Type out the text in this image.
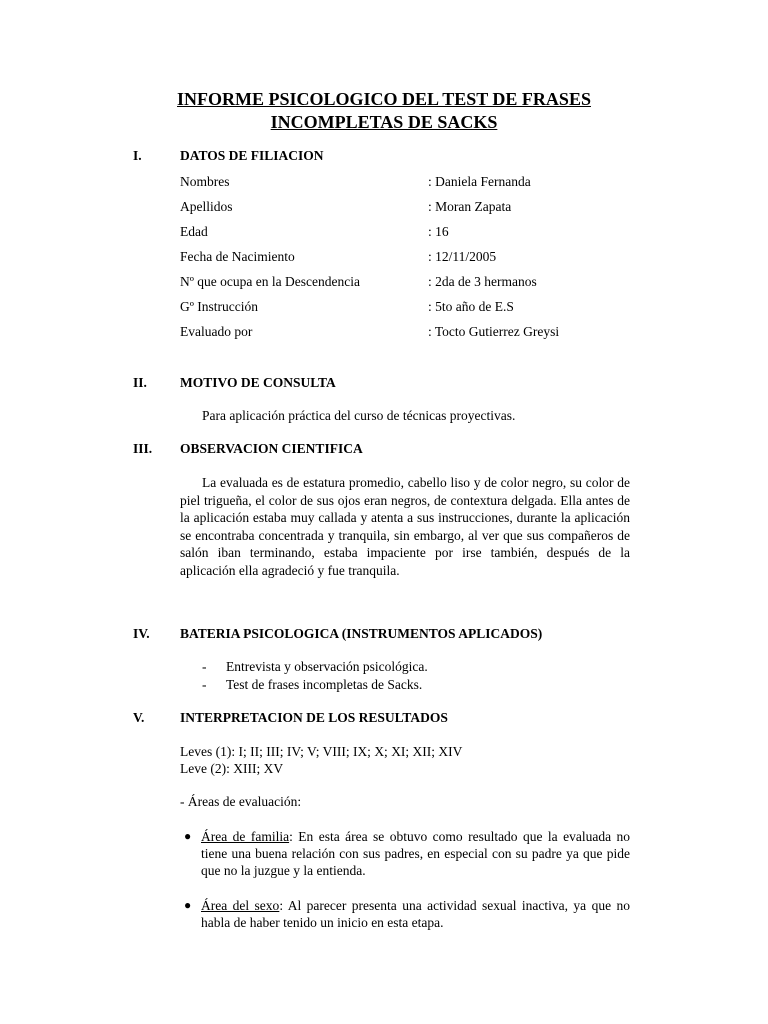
INFORME PSICOLOGICO DEL TEST DE FRASES
INCOMPLETAS DE SACKS
I.	DATOS DE FILIACION
Nombres	: Daniela Fernanda
Apellidos	: Moran Zapata
Edad	: 16
Fecha de Nacimiento	: 12/11/2005
Nº que ocupa en la Descendencia	: 2da de 3 hermanos
Gº Instrucción	: 5to año de E.S
Evaluado por	: Tocto Gutierrez Greysi
II. MOTIVO DE CONSULTA
Para aplicación práctica del curso de técnicas proyectivas.
III. OBSERVACION CIENTIFICA
La evaluada es de estatura promedio, cabello liso y de color negro, su color de piel trigueña, el color de sus ojos eran negros, de contextura delgada. Ella antes de la aplicación estaba muy callada y atenta a sus instrucciones, durante la aplicación se encontraba concentrada y tranquila, sin embargo, al ver que sus compañeros de salón iban terminando, estaba impaciente por irse también, después de la aplicación ella agradeció y fue tranquila.
IV. BATERIA PSICOLOGICA (INSTRUMENTOS APLICADOS)
- Entrevista y observación psicológica.
- Test de frases incompletas de Sacks.
V.	INTERPRETACION DE LOS RESULTADOS
Leves (1): I; II; III; IV; V; VIII; IX; X; XI; XII; XIV
Leve (2): XIII; XV
- Áreas de evaluación:
● Área de familia: En esta área se obtuvo como resultado que la evaluada no tiene una buena relación con sus padres, en especial con su padre ya que pide que no la juzgue y la entienda.
● Área del sexo: Al parecer presenta una actividad sexual inactiva, ya que no habla de haber tenido un inicio en esta etapa.
